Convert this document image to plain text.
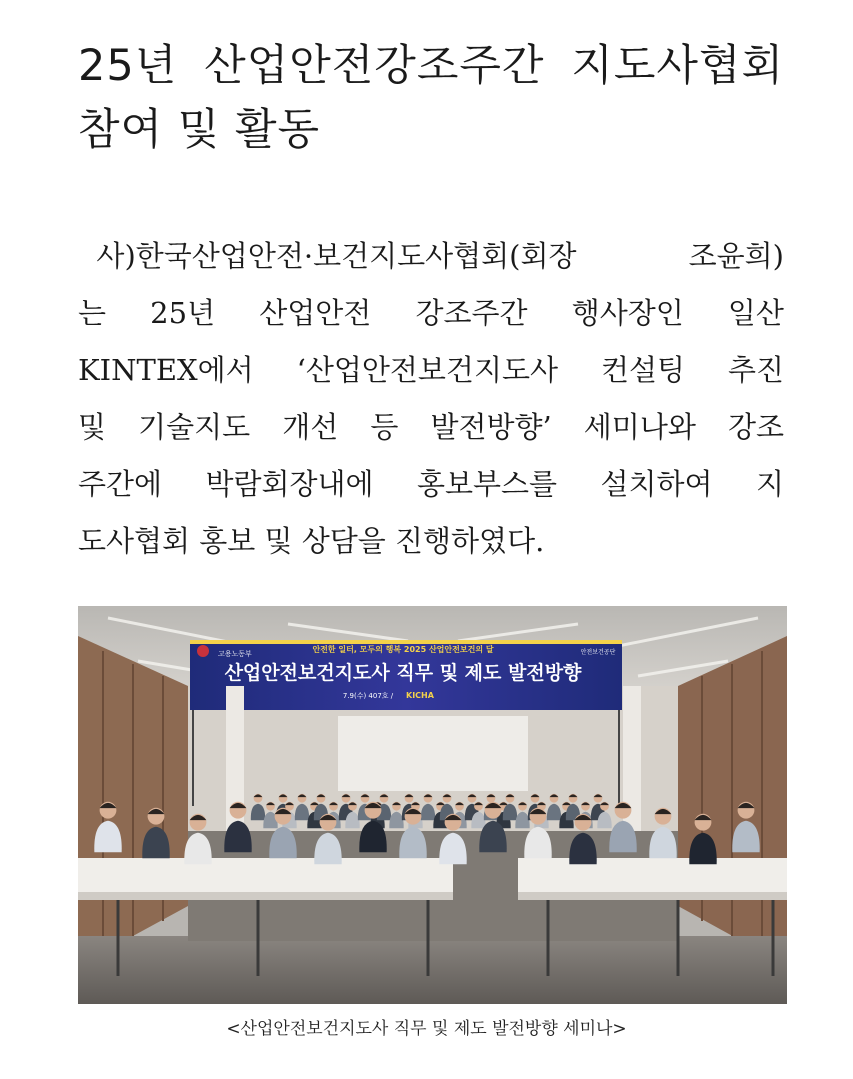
25년 산업안전강조주간 지도사협회
참여 및 활동
사)한국산업안전·보건지도사협회(회장	조윤희)
는 25년 산업안전 강조주간 행사장인 일산
KINTEX에서 ‘산업안전보건지도사 컨설팅 추진
및 기술지도 개선 등 발전방향’ 세미나와 강조
주간에 박람회장내에 홍보부스를 설치하여 지
도사협회 홍보 및 상담을 진행하였다.
고용노동부	안전한 일터, 모두의 행복 2025 산업안전보건의 달
산업안전보건지도사 직무 및 제도 발전방향
7.9(수) 407호 / KICHA
안전보건공단
<산업안전보건지도사 직무 및 제도 발전방향 세미나>
